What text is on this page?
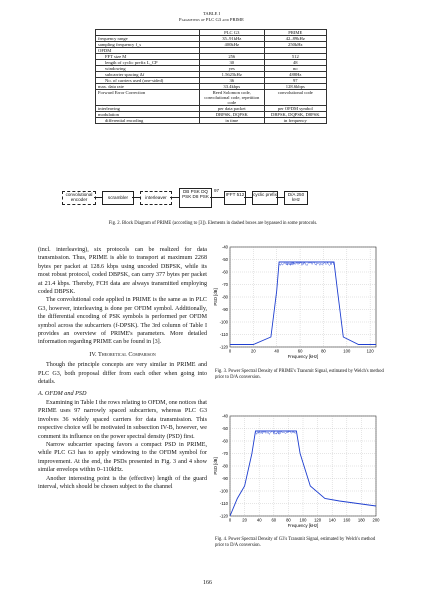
TABLE I
Parameters of PLC G3 and PRIME
	PLC G3	PRIME
frequency range	35–91kHz	42–89kHz
sampling frequency f_s	400kHz	250kHz
OFDM		
FFT size M	256	512
length of cyclic prefix L_CP	30	48
windowing	yes	no
subcarrier spacing Δf	1.5625kHz	488Hz
No. of carriers used (one-sided)	36	97
max. data rate	33.4kbps	128.6kbps
Forward Error Correction	Reed Solomon code, convolutional code, repetition code	convolutional code
interleaving	per data packet	per OFDM symbol
modulation	DBPSK, DQPSK	DBPSK, DQPSK, D8PSK
differential encoding	in time	in frequency
convolutional encoder	scrambler	interleaver
DB PSK DQ PSK D8 PSK
97
IFFT 512	cyclic prefix	D/A 250 kHz
Fig. 2. Block Diagram of PRIME (according to [3]). Elements in dashed boxes are bypassed in some protocols.

(incl. interleaving), six protocols can be realized for data transmission. Thus, PRIME is able to transport at maximum 2268 bytes per packet at 128.6 kbps using uncoded DBPSK, while its most robust protocol, coded DBPSK, can carry 377 bytes per packet at 21.4 kbps. Thereby, FCH data are always transmitted employing coded DBPSK.

The convolutional code applied in PRIME is the same as in PLC G3, however, interleaving is done per OFDM symbol. Additionally, the differential encoding of PSK symbols is performed per OFDM symbol across the subcarriers (f-DPSK). The 3rd column of Table I provides an overview of PRIME's parameters. More detailed information regarding PRIME can be found in [3].

IV. Theoretical Comparison

Though the principle concepts are very similar in PRIME and PLC G3, both proposal differ from each other when going into details.

A. OFDM and PSD

Examining in Table I the rows relating to OFDM, one notices that PRIME uses 97 narrowly spaced subcarriers, whereas PLC G3 involves 36 widely spaced carriers for data transmission. This respective choice will be motivated in subsection IV-B, however, we comment its influence on the power spectral density (PSD) first.

Narrow subcarrier spacing favors a compact PSD in PRIME, while PLC G3 has to apply windowing to the OFDM symbol for improvement. At the end, the PSDs presented in Fig. 3 and 4 show similar envelops within 0–110kHz.

Another interesting point is the (effective) length of the guard interval, which should be chosen subject to the channel

-40
-50
-60
-70
-80
-90
-100
-110
-120
0	20	40	60	80	100	120
Frequency [kHz]
PSD [dB]
Fig. 3. Power Spectral Density of PRIME's Transmit Signal, estimated by Welch's method prior to D/A conversion.
-40
-50
-60
-70
-80
-90
-100
-110
-120
0	20 40 60 80 100 120 140 160 180 200
Frequency [kHz]
PSD [dB]
Fig. 4. Power Spectral Density of G3's Transmit Signal, estimated by Welch's method prior to D/A conversion.
166
